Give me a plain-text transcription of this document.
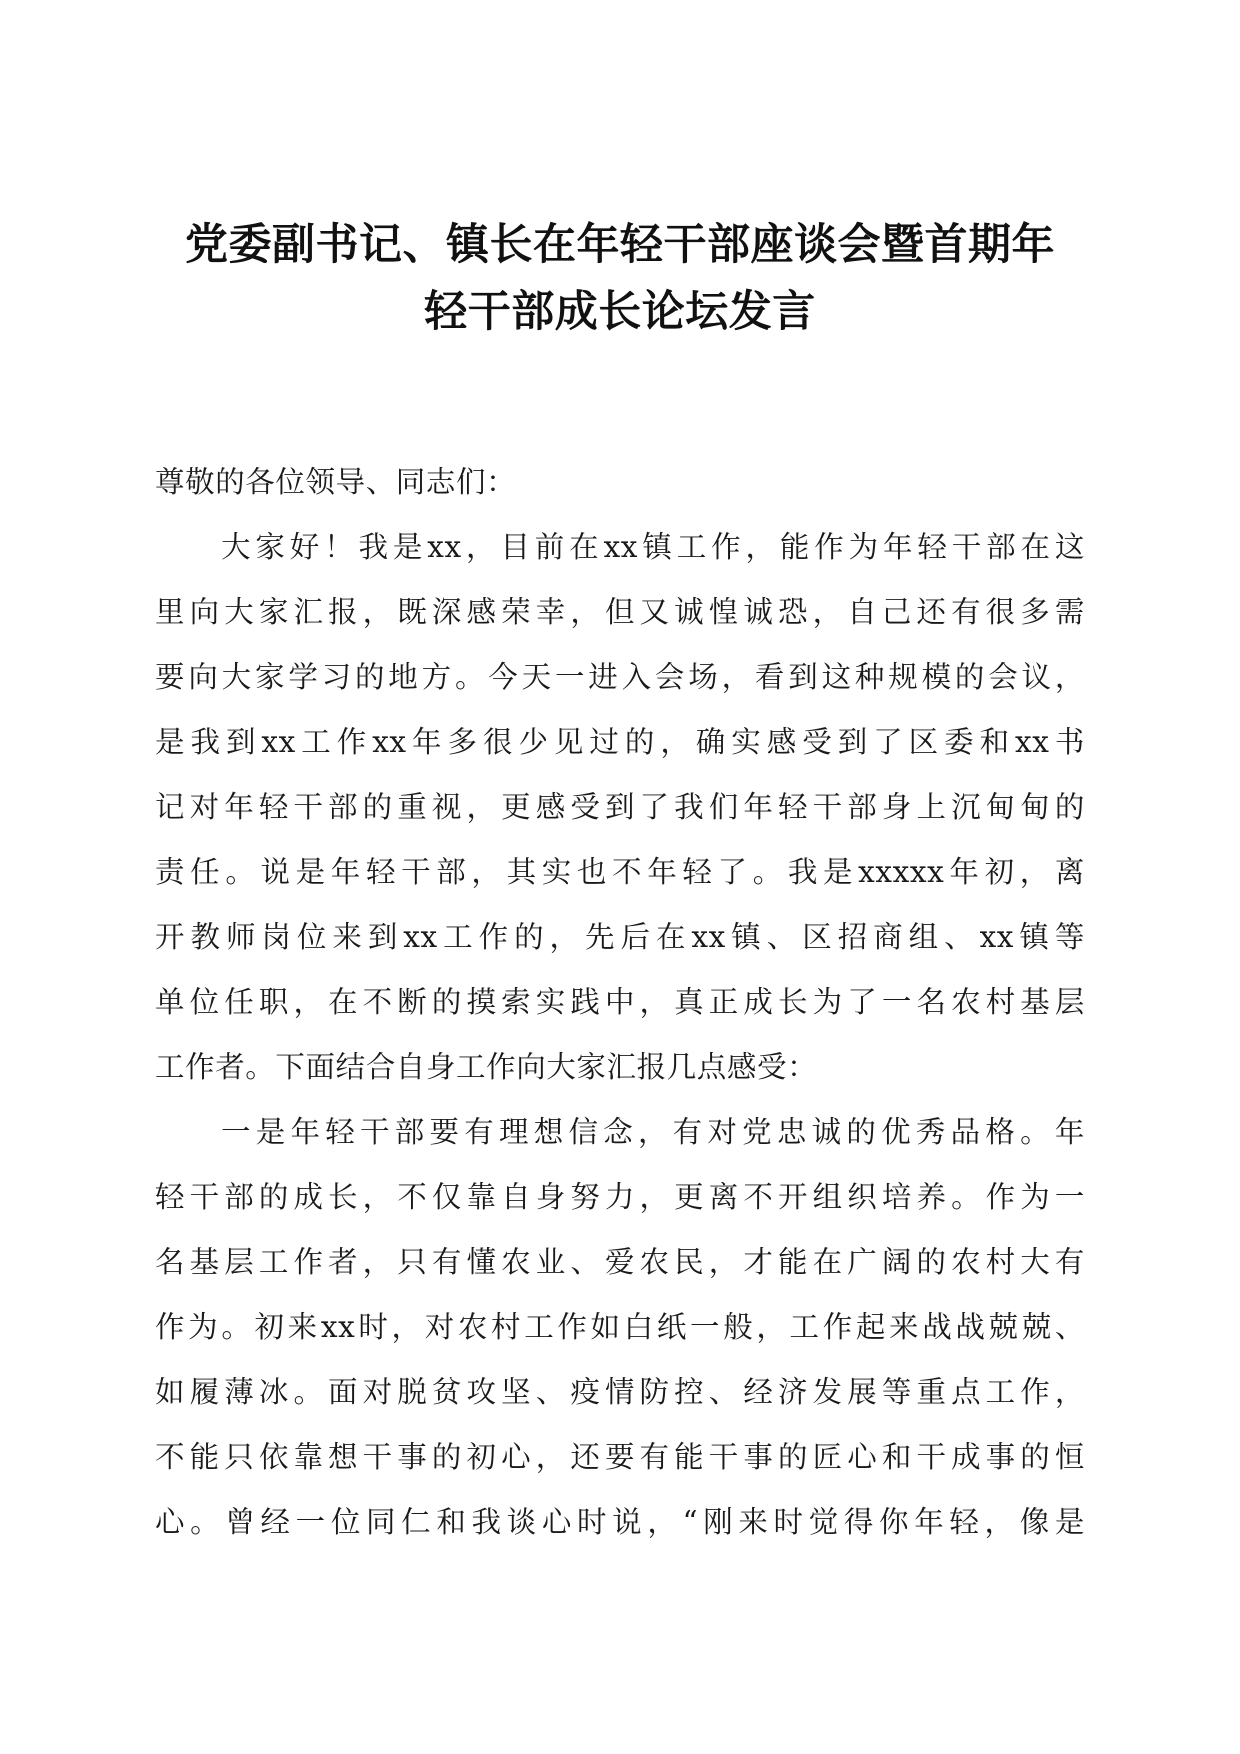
党委副书记、镇长在年轻干部座谈会暨首期年
轻干部成长论坛发言
尊敬的各位领导、同志们：
大家好！我是xx，目前在xx镇工作，能作为年轻干部在这
里向大家汇报，既深感荣幸，但又诚惶诚恐，自己还有很多需
要向大家学习的地方。今天一进入会场，看到这种规模的会议，
是我到xx工作xx年多很少见过的，确实感受到了区委和xx书
记对年轻干部的重视，更感受到了我们年轻干部身上沉甸甸的
责任。说是年轻干部，其实也不年轻了。我是xxxxx年初，离
开教师岗位来到xx工作的，先后在xx镇、区招商组、xx镇等
单位任职，在不断的摸索实践中，真正成长为了一名农村基层
工作者。下面结合自身工作向大家汇报几点感受：
一是年轻干部要有理想信念，有对党忠诚的优秀品格。年
轻干部的成长，不仅靠自身努力，更离不开组织培养。作为一
名基层工作者，只有懂农业、爱农民，才能在广阔的农村大有
作为。初来xx时，对农村工作如白纸一般，工作起来战战兢兢、
如履薄冰。面对脱贫攻坚、疫情防控、经济发展等重点工作，
不能只依靠想干事的初心，还要有能干事的匠心和干成事的恒
心。曾经一位同仁和我谈心时说，“刚来时觉得你年轻，像是
